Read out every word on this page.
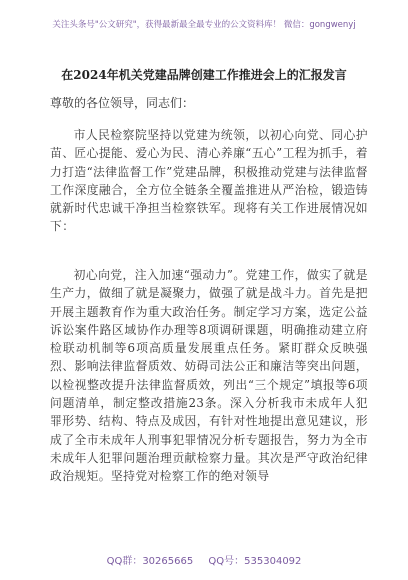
关注头条号"公文研究"，获得最新最全最专业的公文资料库！ 微信：gongwenyj
在2024年机关党建品牌创建工作推进会上的汇报发言
尊敬的各位领导，同志们：
市人民检察院坚持以党建为统领，以初心向党、同心护苗、匠心提能、爱心为民、清心养廉“五心”工程为抓手，着力打造“法律监督工作”党建品牌，积极推动党建与法律监督工作深度融合，全方位全链条全覆盖推进从严治检，锻造铸就新时代忠诚干净担当检察铁军。现将有关工作进展情况如下：
初心向党，注入加速“强动力”。党建工作，做实了就是生产力，做细了就是凝聚力，做强了就是战斗力。首先是把开展主题教育作为重大政治任务。制定学习方案，选定公益诉讼案件路区域协作办理等8项调研课题，明确推动建立府检联动机制等6项高质量发展重点任务。紧盯群众反映强烈、影响法律监督质效、妨碍司法公正和廉洁等突出问题，以检视整改提升法律监督质效，列出“三个规定”填报等6项问题清单，制定整改措施23条。深入分析我市未成年人犯罪形势、结构、特点及成因，有针对性地提出意见建议，形成了全市未成年人刑事犯罪情况分析专题报告，努力为全市未成年人犯罪问题治理贡献检察力量。其次是严守政治纪律政治规矩。坚持党对检察工作的绝对领导
QQ群：30265665 QQ号：535304092
